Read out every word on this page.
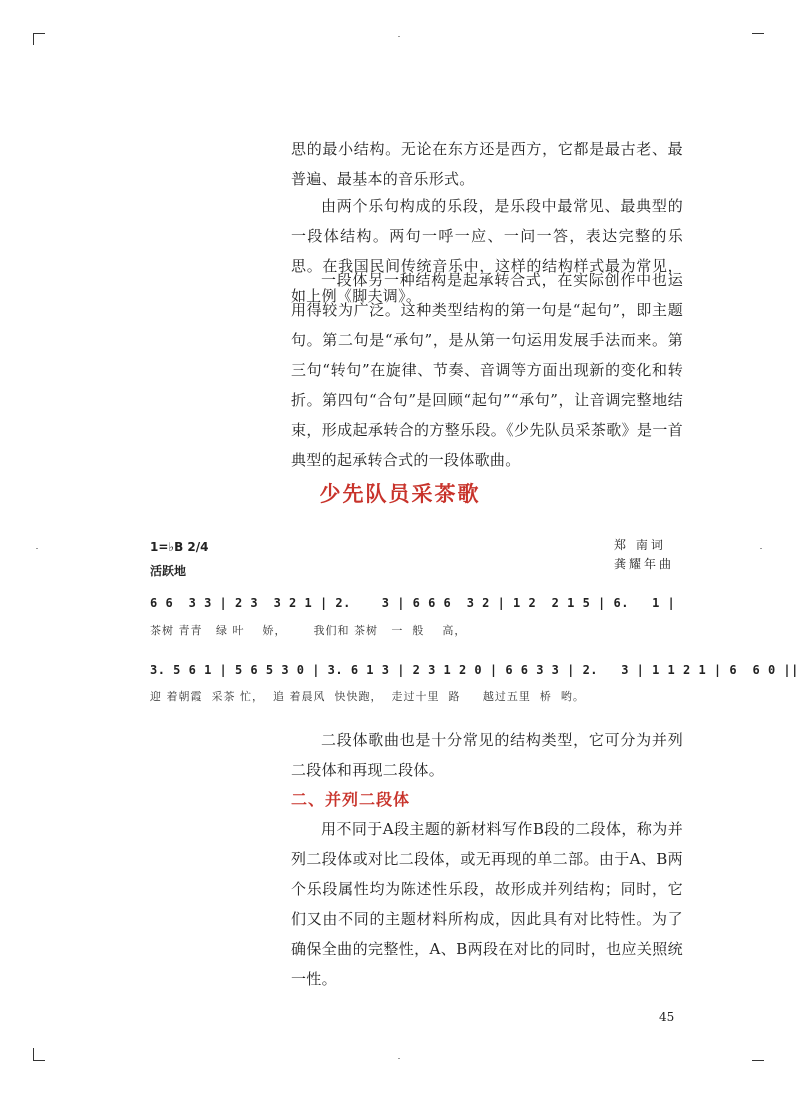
思的最小结构。无论在东方还是西方，它都是最古老、最普遍、最基本的音乐形式。

由两个乐句构成的乐段，是乐段中最常见、最典型的一段体结构。两句一呼一应、一问一答，表达完整的乐思。在我国民间传统音乐中，这样的结构样式最为常见，如上例《脚夫调》。

一段体另一种结构是起承转合式，在实际创作中也运用得较为广泛。这种类型结构的第一句是“起句”，即主题句。第二句是“承句”，是从第一句运用发展手法而来。第三句“转句”在旋律、节奏、音调等方面出现新的变化和转折。第四句“合句”是回顾“起句”“承句”，让音调完整地结束，形成起承转合的方整乐段。《少先队员采茶歌》是一首典型的起承转合式的一段体歌曲。

少先队员采茶歌
1=♭B 2/4
活跃地
郑 南词
龚耀年曲
6 6  3 3 | 2 3  3 2 1 | 2.    3 | 6 6 6  3 2 | 1 2  2 1 5 | 6.   1 |
茶树 青青   绿 叶    娇，      我们和 茶树   一  般    高，
3. 5 6 1 | 5 6 5 3 0 | 3. 6 1 3 | 2 3 1 2 0 | 6 6 3 3 | 2.   3 | 1 1 2 1 | 6  6 0 ||
迎 着朝霞  采茶 忙，  追 着晨风  快快跑，  走过十里  路     越过五里  桥  哟。

二段体歌曲也是十分常见的结构类型，它可分为并列二段体和再现二段体。

二、并列二段体

用不同于A段主题的新材料写作B段的二段体，称为并列二段体或对比二段体，或无再现的单二部。由于A、B两个乐段属性均为陈述性乐段，故形成并列结构；同时，它们又由不同的主题材料所构成，因此具有对比特性。为了确保全曲的完整性，A、B两段在对比的同时，也应关照统一性。

45
